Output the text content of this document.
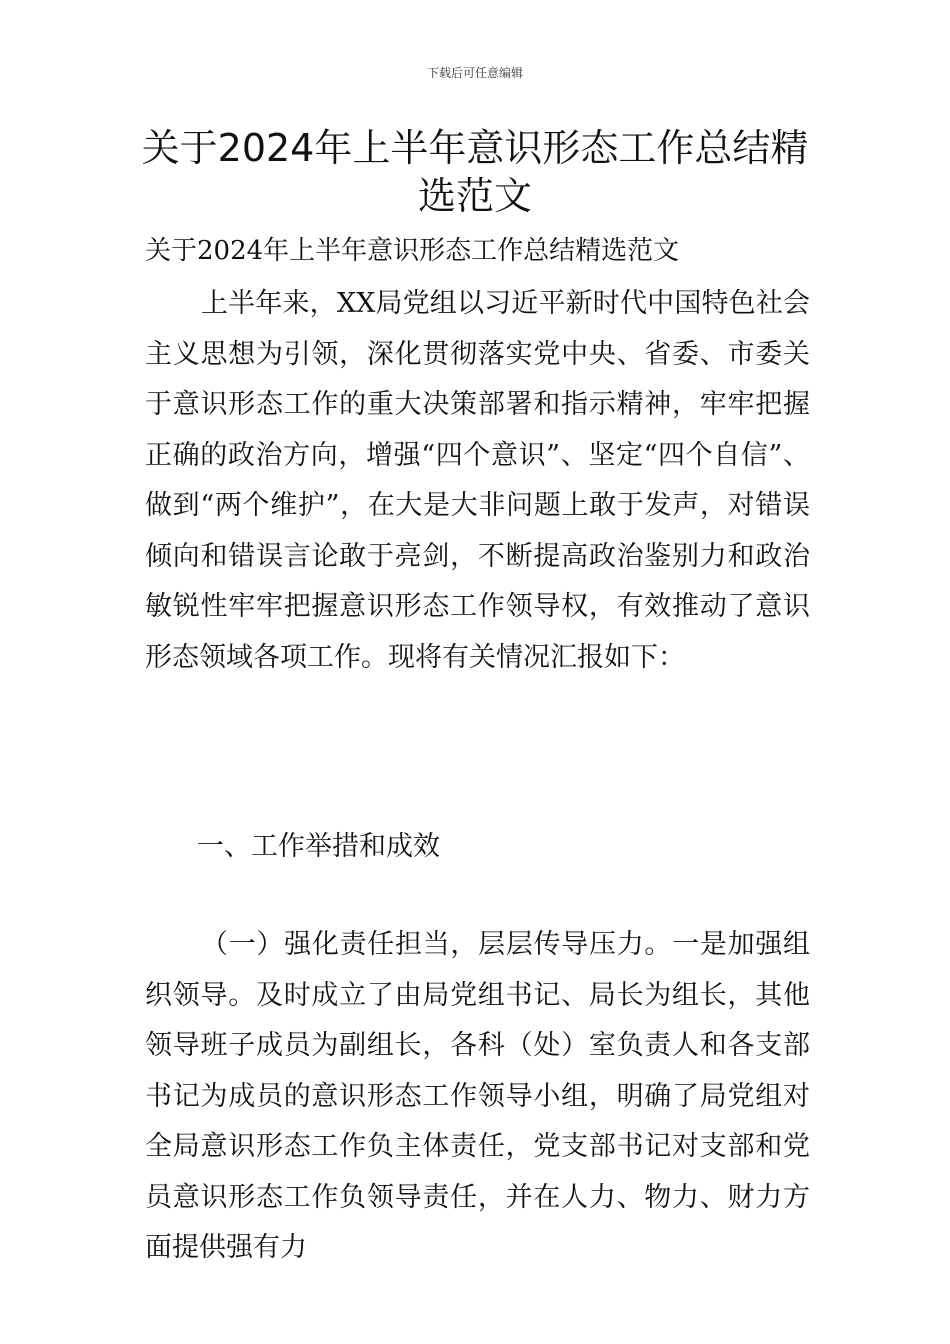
下载后可任意编辑
关于2024年上半年意识形态工作总结精选范文

关于2024年上半年意识形态工作总结精选范文

上半年来，XX局党组以习近平新时代中国特色社会主义思想为引领，深化贯彻落实党中央、省委、市委关于意识形态工作的重大决策部署和指示精神，牢牢把握正确的政治方向，增强“四个意识”、坚定“四个自信”、做到“两个维护”，在大是大非问题上敢于发声，对错误倾向和错误言论敢于亮剑，不断提高政治鉴别力和政治敏锐性牢牢把握意识形态工作领导权，有效推动了意识形态领域各项工作。现将有关情况汇报如下：

一、工作举措和成效

（一）强化责任担当，层层传导压力。一是加强组织领导。及时成立了由局党组书记、局长为组长，其他领导班子成员为副组长，各科（处）室负责人和各支部书记为成员的意识形态工作领导小组，明确了局党组对全局意识形态工作负主体责任，党支部书记对支部和党员意识形态工作负领导责任，并在人力、物力、财力方面提供强有力
